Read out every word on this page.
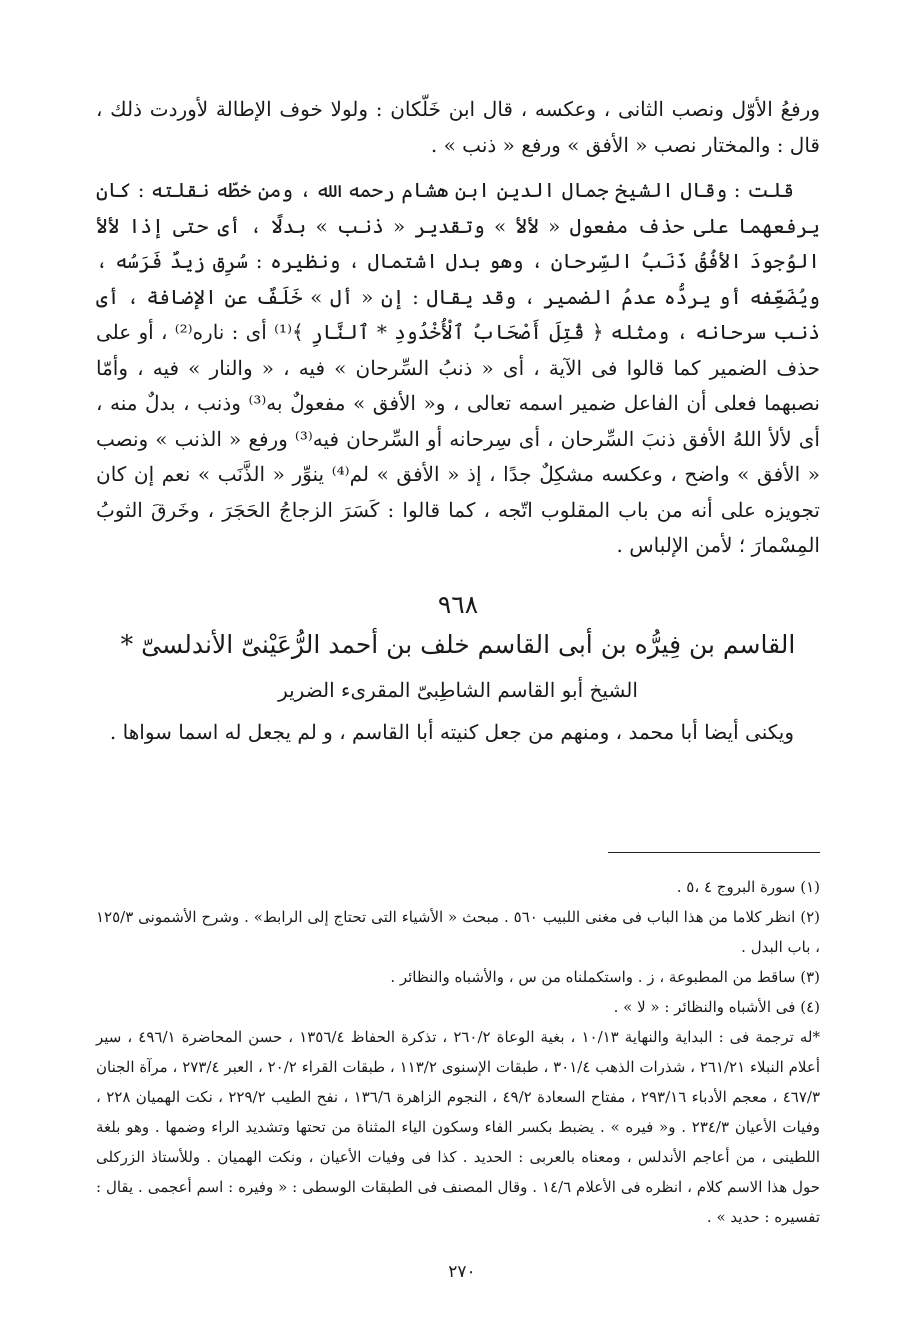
ورفعُ الأوّل ونصب الثانى ، وعكسه ، قال ابن خَلّكان : ولولا خوف الإطالة لأوردت ذلك ، قال : والمختار نصب « الأفق » ورفع « ذنب » .

قلت : وقال الشيخ جمال الدين ابن هشام رحمه الله ، ومن خطّه نقلته : كان يرفعهما على حذف مفعول « لألأ » وتقدير « ذنب » بدلًا ، أى حتى إذا لألأ الوُجودَ الأفُقُ ذَنَبُ السِّرحان ، وهو بدل اشتمال ، ونظيره : سُرِق زيدٌ فَرَسُه ، ويُضَعِّفه أو يردُّه عدمُ الضمير ، وقد يقال : إن « أل » خَلَفٌ عن الإضافة ، أى ذنب سرحانه ، ومثله ﴿ قُتِلَ أَصْحَابُ ٱلْأُخْدُودِ * ٱلنَّارِ ﴾⁽¹⁾ أى : ناره⁽²⁾ ، أو على حذف الضمير كما قالوا فى الآية ، أى « ذنبُ السِّرحان » فيه ، « والنار » فيه ، وأمّا نصبهما فعلى أن الفاعل ضمير اسمه تعالى ، و« الأفق » مفعولٌ به⁽³⁾ وذنب ، بدلٌ منه ، أى لألأ اللهُ الأفق ذنبَ السِّرحان ، أى سِرحانه أو السِّرحان فيه⁽³⁾ ورفع « الذنب » ونصب « الأفق » واضح ، وعكسه مشكِلٌ جدًا ، إذ « الأفق » لم⁽⁴⁾ ينوِّر « الذَّنَب » نعم إن كان تجويزه على أنه من باب المقلوب اتّجه ، كما قالوا : كَسَرَ الزجاجُ الحَجَرَ ، وخَرقَ الثوبُ المِسْمارَ ؛ لأمن الإلباس .

٩٦٨
القاسم بن فِيرُّه بن أبى القاسم خلف بن أحمد الرُّعَيْنىّ الأندلسىّ *
الشيخ أبو القاسم الشاطِبىّ المقرىء الضرير

ويكنى أيضا أبا محمد ، ومنهم من جعل كنيته أبا القاسم ، و لم يجعل له اسما سواها .

(١) سورة البروج ٤ ،٥ .

(٢) انظر كلاما من هذا الباب فى مغنى اللبيب ٥٦٠ . مبحث « الأشياء التى تحتاج إلى الرابط» . وشرح الأشمونى ١٢٥/٣ ، باب البدل .

(٣) ساقط من المطبوعة ، ز . واستكملناه من س ، والأشباه والنظائر .

(٤) فى الأشباه والنظائر : « لا » .

*له ترجمة فى : البداية والنهاية ١٠/١٣ ، بغية الوعاة ٢٦٠/٢ ، تذكرة الحفاظ ١٣٥٦/٤ ، حسن المحاضرة ٤٩٦/١ ، سير أعلام النبلاء ٢٦١/٢١ ، شذرات الذهب ٣٠١/٤ ، طبقات الإسنوى ١١٣/٢ ، طبقات القراء ٢٠/٢ ، العبر ٢٧٣/٤ ، مرآة الجنان ٤٦٧/٣ ، معجم الأدباء ٢٩٣/١٦ ، مفتاح السعادة ٤٩/٢ ، النجوم الزاهرة ١٣٦/٦ ، نفح الطيب ٢٢٩/٢ ، نكت الهميان ٢٢٨ ، وفيات الأعيان ٢٣٤/٣ . و« فيره » . يضبط بكسر الفاء وسكون الياء المثناة من تحتها وتشديد الراء وضمها . وهو بلغة اللطينى ، من أعاجم الأندلس ، ومعناه بالعربى : الحديد . كذا فى وفيات الأعيان ، ونكت الهميان . وللأستاذ الزركلى حول هذا الاسم كلام ، انظره فى الأعلام ١٤/٦ . وقال المصنف فى الطبقات الوسطى : « وفيره : اسم أعجمى . يقال : تفسيره : حديد » .

٢٧٠
